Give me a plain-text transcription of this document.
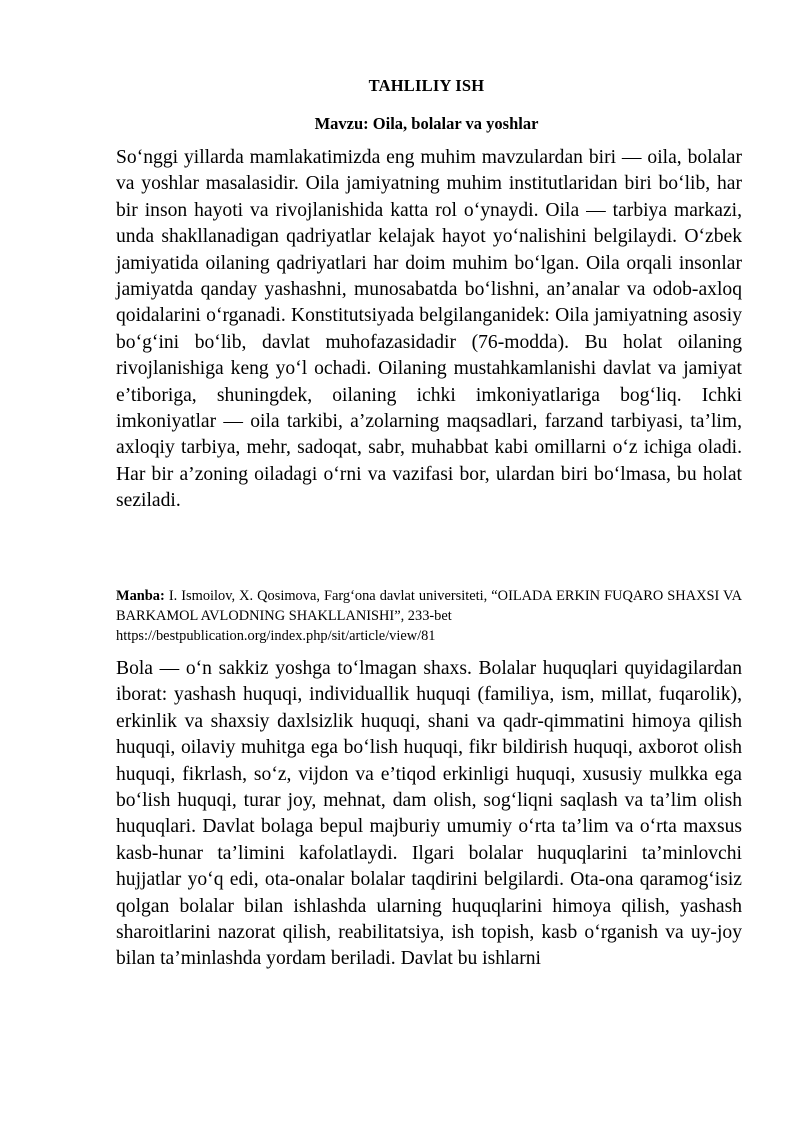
TAHLILIY ISH
Mavzu: Oila, bolalar va yoshlar

So‘nggi yillarda mamlakatimizda eng muhim mavzulardan biri — oila, bolalar va yoshlar masalasidir. Oila jamiyatning muhim institutlaridan biri bo‘lib, har bir inson hayoti va rivojlanishida katta rol o‘ynaydi. Oila — tarbiya markazi, unda shakllanadigan qadriyatlar kelajak hayot yo‘nalishini belgilaydi. O‘zbek jamiyatida oilaning qadriyatlari har doim muhim bo‘lgan. Oila orqali insonlar jamiyatda qanday yashashni, munosabatda bo‘lishni, an’analar va odob-axloq qoidalarini o‘rganadi. Konstitutsiyada belgilanganidek: Oila jamiyatning asosiy bo‘g‘ini bo‘lib, davlat muhofazasidadir (76-modda). Bu holat oilaning rivojlanishiga keng yo‘l ochadi. Oilaning mustahkamlanishi davlat va jamiyat e’tiboriga, shuningdek, oilaning ichki imkoniyatlariga bog‘liq. Ichki imkoniyatlar — oila tarkibi, a’zolarning maqsadlari, farzand tarbiyasi, ta’lim, axloqiy tarbiya, mehr, sadoqat, sabr, muhabbat kabi omillarni o‘z ichiga oladi. Har bir a’zoning oiladagi o‘rni va vazifasi bor, ulardan biri bo‘lmasa, bu holat seziladi.

Manba: I. Ismoilov, X. Qosimova, Farg‘ona davlat universiteti, “OILADA ERKIN FUQARO SHAXSI VA BARKAMOL AVLODNING SHAKLLANISHI”, 233-bet
https://bestpublication.org/index.php/sit/article/view/81

Bola — o‘n sakkiz yoshga to‘lmagan shaxs. Bolalar huquqlari quyidagilardan iborat: yashash huquqi, individuallik huquqi (familiya, ism, millat, fuqarolik), erkinlik va shaxsiy daxlsizlik huquqi, shani va qadr-qimmatini himoya qilish huquqi, oilaviy muhitga ega bo‘lish huquqi, fikr bildirish huquqi, axborot olish huquqi, fikrlash, so‘z, vijdon va e’tiqod erkinligi huquqi, xususiy mulkka ega bo‘lish huquqi, turar joy, mehnat, dam olish, sog‘liqni saqlash va ta’lim olish huquqlari. Davlat bolaga bepul majburiy umumiy o‘rta ta’lim va o‘rta maxsus kasb-hunar ta’limini kafolatlaydi. Ilgari bolalar huquqlarini ta’minlovchi hujjatlar yo‘q edi, ota-onalar bolalar taqdirini belgilardi. Ota-ona qaramog‘isiz qolgan bolalar bilan ishlashda ularning huquqlarini himoya qilish, yashash sharoitlarini nazorat qilish, reabilitatsiya, ish topish, kasb o‘rganish va uy-joy bilan ta’minlashda yordam beriladi. Davlat bu ishlarni
